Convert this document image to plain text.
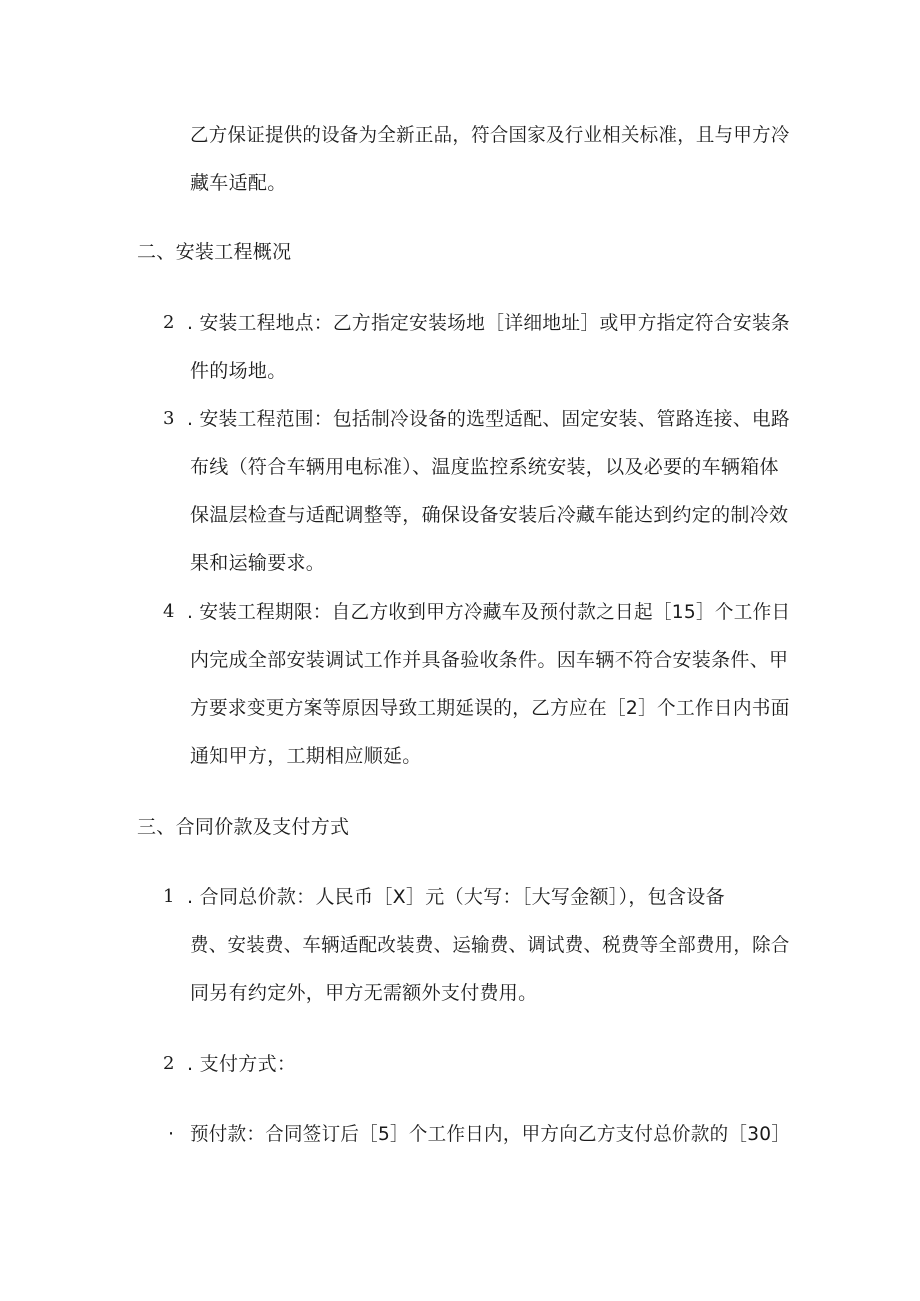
乙方保证提供的设备为全新正品，符合国家及行业相关标准，且与甲方冷
藏车适配。
二、安装工程概况
2 . 安装工程地点：乙方指定安装场地［详细地址］或甲方指定符合安装条
件的场地。
3 . 安装工程范围：包括制冷设备的选型适配、固定安装、管路连接、电路
布线（符合车辆用电标准）、温度监控系统安装，以及必要的车辆箱体
保温层检查与适配调整等，确保设备安装后冷藏车能达到约定的制冷效
果和运输要求。
4 . 安装工程期限：自乙方收到甲方冷藏车及预付款之日起［15］个工作日
内完成全部安装调试工作并具备验收条件。因车辆不符合安装条件、甲
方要求变更方案等原因导致工期延误的，乙方应在［2］个工作日内书面
通知甲方，工期相应顺延。
三、合同价款及支付方式
1 . 合同总价款：人民币［X］元（大写：［大写金额］），包含设备
费、安装费、车辆适配改装费、运输费、调试费、税费等全部费用，除合
同另有约定外，甲方无需额外支付费用。
2 . 支付方式：
· 预付款：合同签订后［5］个工作日内，甲方向乙方支付总价款的［30］
